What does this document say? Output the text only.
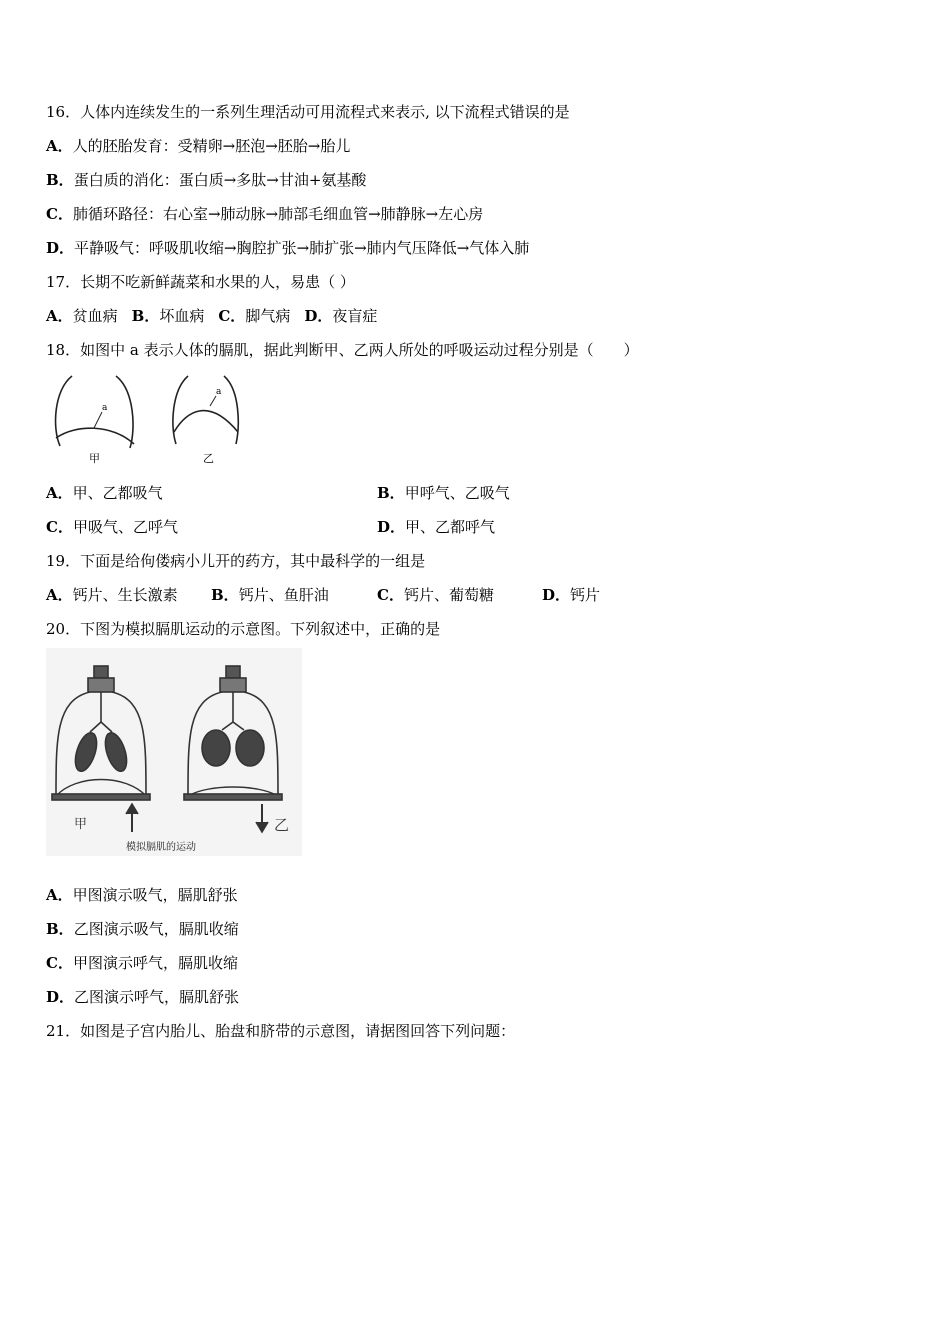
16．人体内连续发生的一系列生理活动可用流程式来表示, 以下流程式错误的是
A．人的胚胎发育：受精卵→胚泡→胚胎→胎儿
B．蛋白质的消化：蛋白质→多肽→甘油+氨基酸
C．肺循环路径：右心室→肺动脉→肺部毛细血管→肺静脉→左心房
D．平静吸气：呼吸肌收缩→胸腔扩张→肺扩张→肺内气压降低→气体入肺
17．长期不吃新鲜蔬菜和水果的人，易患（ ）
A．贫血病 B．坏血病 C．脚气病 D．夜盲症
18．如图中 a 表示人体的膈肌，据此判断甲、乙两人所处的呼吸运动过程分别是（　　）
a
a
甲	乙
A．甲、乙都吸气	B．甲呼气、乙吸气
C．甲吸气、乙呼气	D．甲、乙都呼气
19．下面是给佝偻病小儿开的药方，其中最科学的一组是
A．钙片、生长激素 B．钙片、鱼肝油	C．钙片、葡萄糖	D．钙片
20．下图为模拟膈肌运动的示意图。下列叙述中，正确的是
甲	乙
模拟膈肌的运动
A．甲图演示吸气，膈肌舒张
B．乙图演示吸气，膈肌收缩
C．甲图演示呼气，膈肌收缩
D．乙图演示呼气，膈肌舒张
21．如图是子宫内胎儿、胎盘和脐带的示意图，请据图回答下列问题：
